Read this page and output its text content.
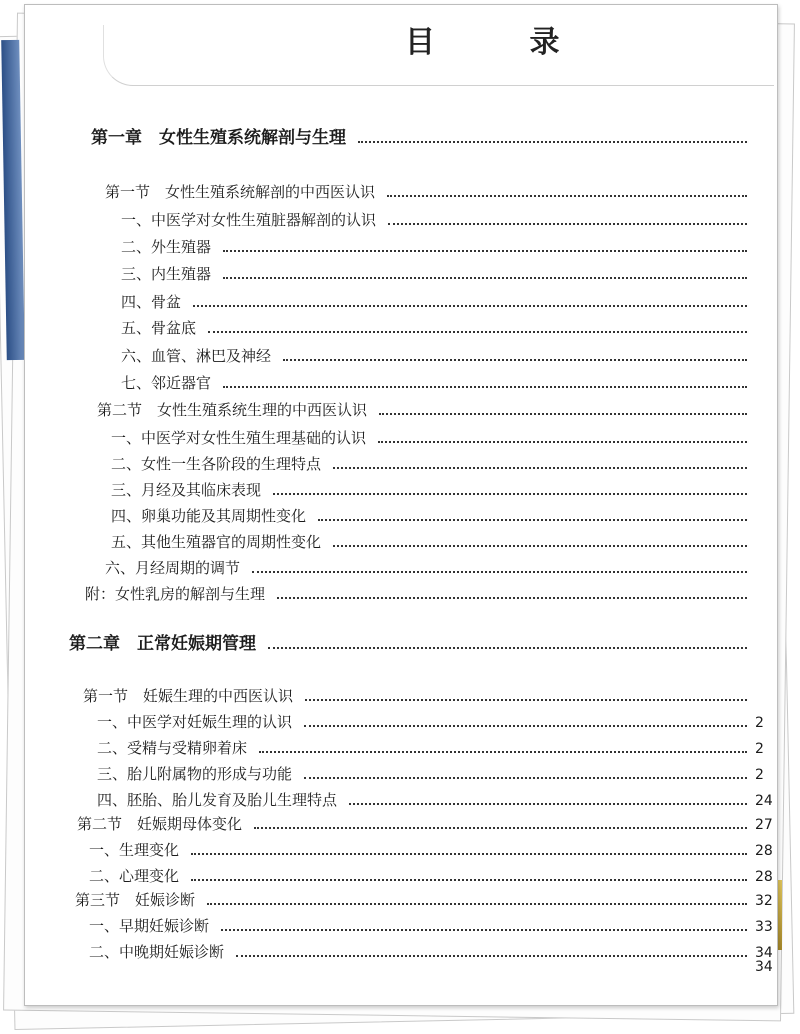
目 录
第一章　女性生殖系统解剖与生理
第一节　女性生殖系统解剖的中西医认识
一、中医学对女性生殖脏器解剖的认识
二、外生殖器
三、内生殖器
四、骨盆
五、骨盆底
六、血管、淋巴及神经
七、邻近器官
第二节　女性生殖系统生理的中西医认识
一、中医学对女性生殖生理基础的认识
二、女性一生各阶段的生理特点
三、月经及其临床表现
四、卵巢功能及其周期性变化
五、其他生殖器官的周期性变化
六、月经周期的调节
附：女性乳房的解剖与生理
第二章　正常妊娠期管理
第一节　妊娠生理的中西医认识
一、中医学对妊娠生理的认识	2
二、受精与受精卵着床	2
三、胎儿附属物的形成与功能	2
四、胚胎、胎儿发育及胎儿生理特点	24
第二节　妊娠期母体变化	27
一、生理变化	28
二、心理变化	28
第三节　妊娠诊断	32
一、早期妊娠诊断	33
二、中晚期妊娠诊断	34
34
